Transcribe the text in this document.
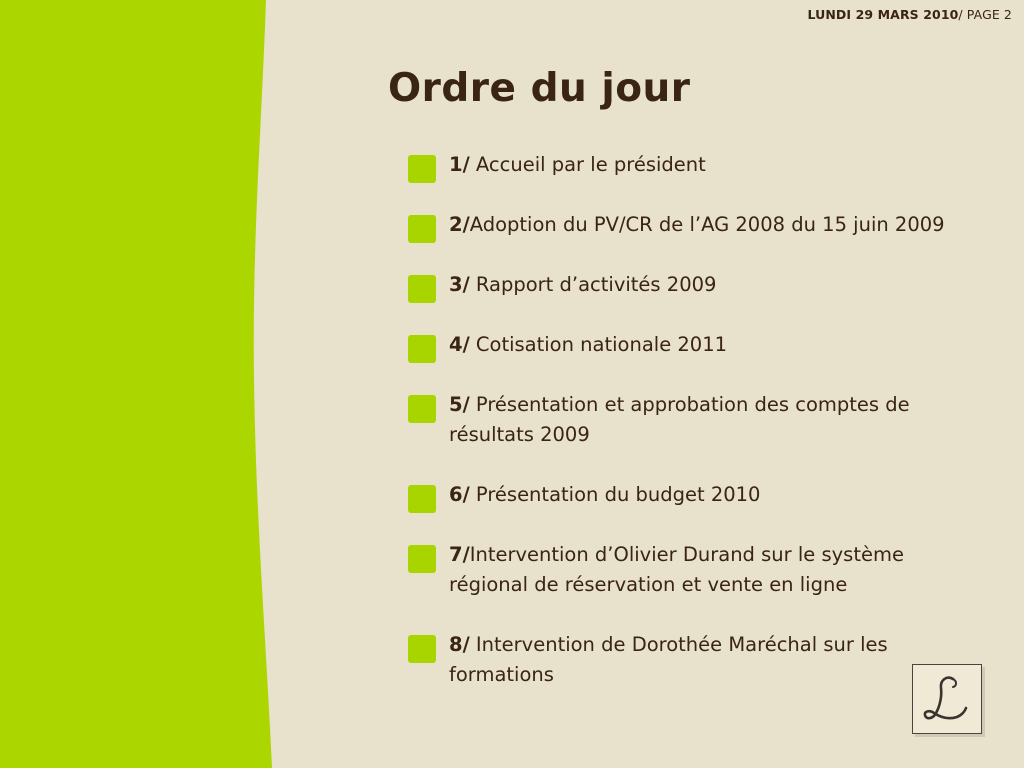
LUNDI 29 MARS 2010/ PAGE 2
Ordre du jour
1/ Accueil par le président
2/Adoption du PV/CR de l’AG 2008 du 15 juin 2009
3/ Rapport d’activités 2009
4/ Cotisation nationale 2011
5/ Présentation et approbation des comptes de résultats 2009
6/ Présentation du budget 2010
7/Intervention d’Olivier Durand sur le système régional de réservation et vente en ligne
8/ Intervention de Dorothée Maréchal sur les formations
